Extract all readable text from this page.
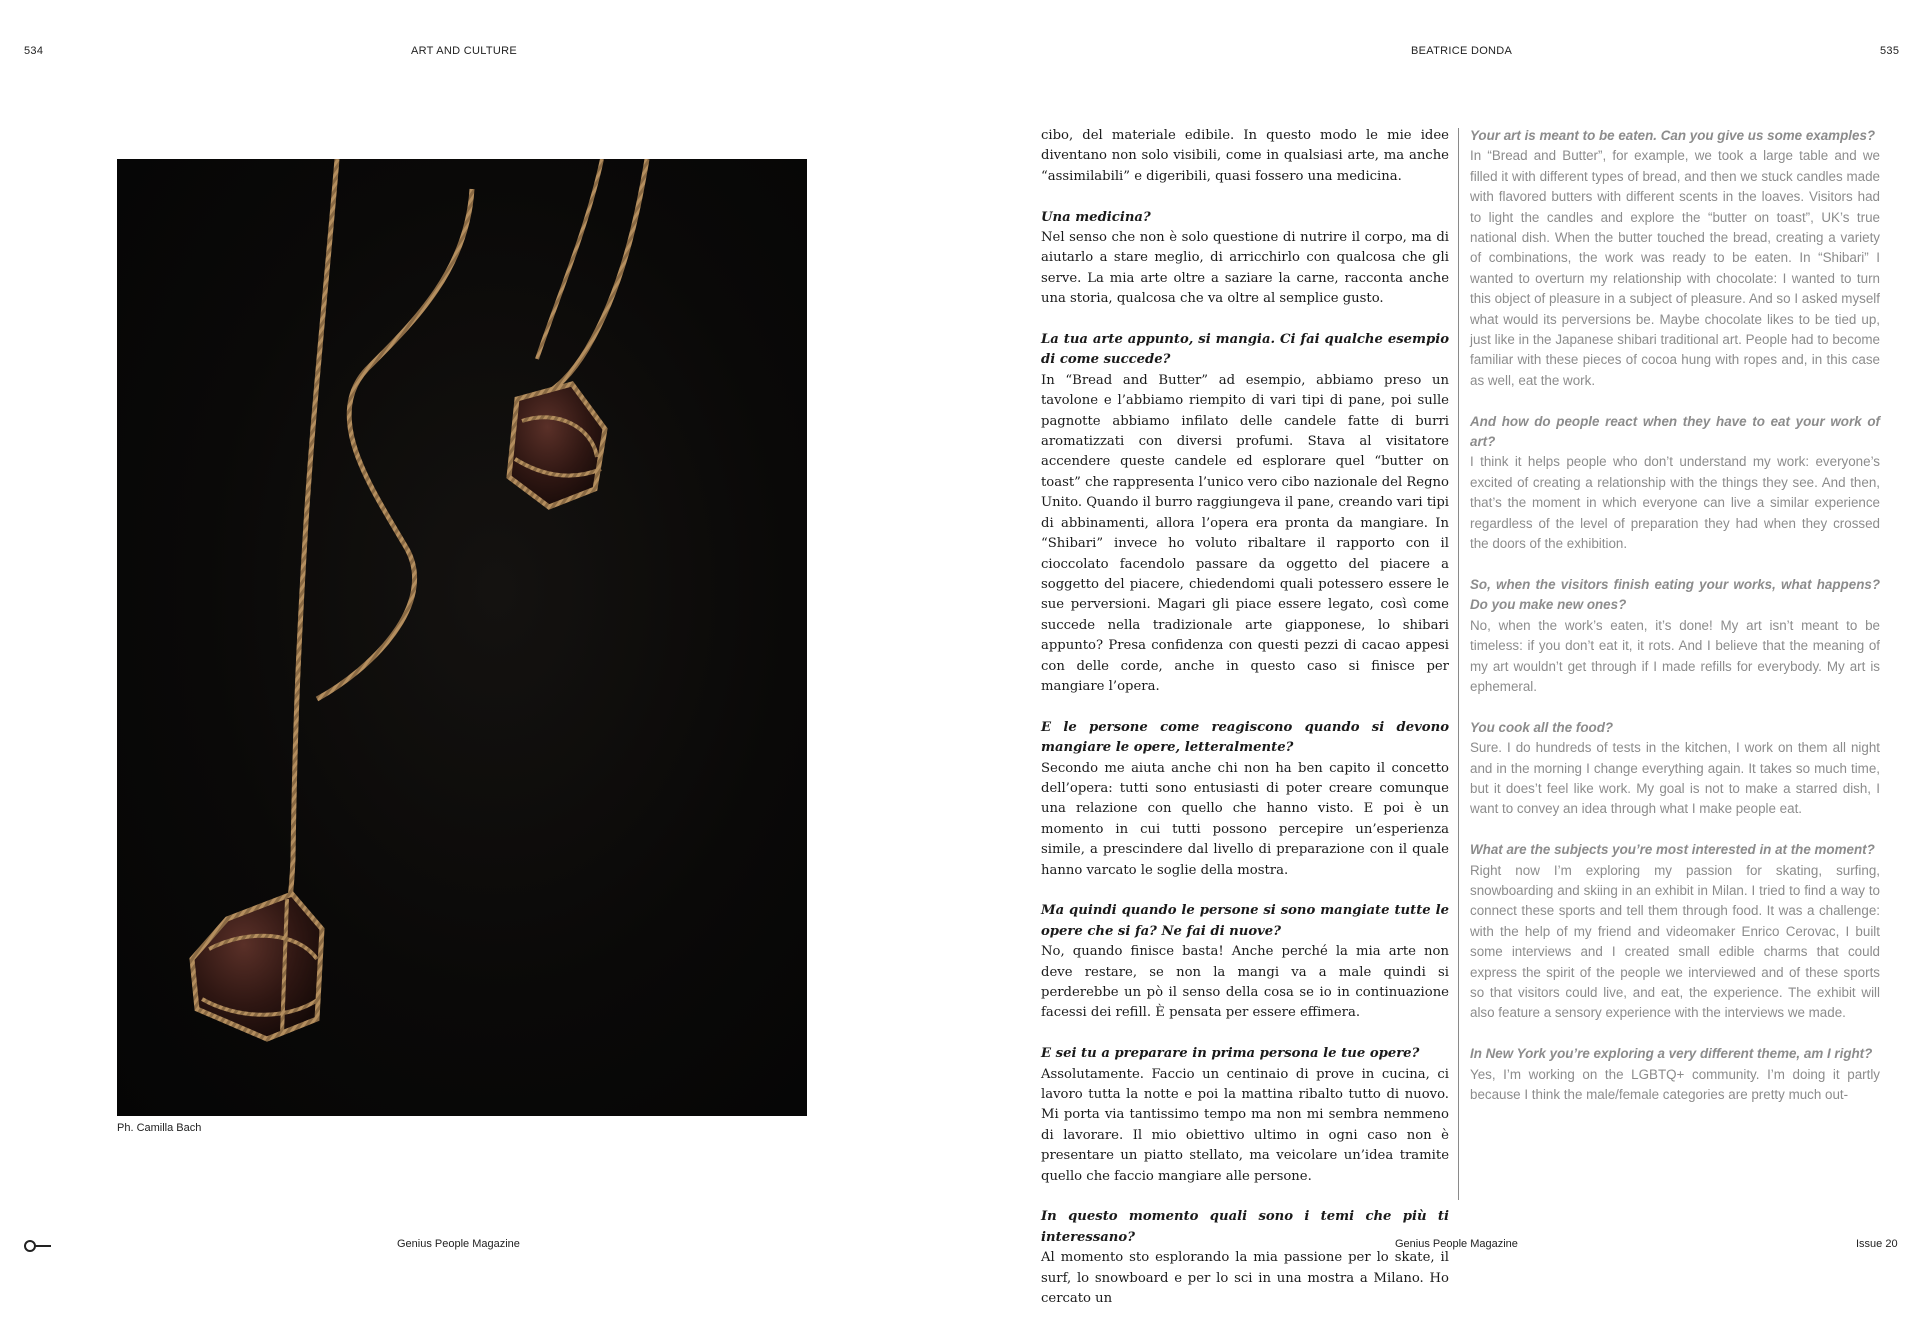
534	ART AND CULTURE	BEATRICE DONDA	535
Ph. Camilla Bach

cibo, del materiale edibile. In questo modo le mie idee diventano non solo visibili, come in qualsiasi arte, ma anche “assimilabili” e digeribili, quasi fossero una medicina.

Una medicina?
Nel senso che non è solo questione di nutrire il corpo, ma di aiutarlo a stare meglio, di arricchirlo con qualcosa che gli serve. La mia arte oltre a saziare la carne, racconta anche una storia, qualcosa che va oltre al semplice gusto.

La tua arte appunto, si mangia. Ci fai qualche esempio di come succede?
In “Bread and Butter” ad esempio, abbiamo preso un tavolone e l’abbiamo riempito di vari tipi di pane, poi sulle pagnotte abbiamo infilato delle candele fatte di burri aromatizzati con diversi profumi. Stava al visitatore accendere queste candele ed esplorare quel “butter on toast” che rappresenta l’unico vero cibo nazionale del Regno Unito. Quando il burro raggiungeva il pane, creando vari tipi di abbinamenti, allora l’opera era pronta da mangiare. In “Shibari” invece ho voluto ribaltare il rapporto con il cioccolato facendolo passare da oggetto del piacere a soggetto del piacere, chiedendomi quali potessero essere le sue perversioni. Magari gli piace essere legato, così come succede nella tradizionale arte giapponese, lo shibari appunto? Presa confidenza con questi pezzi di cacao appesi con delle corde, anche in questo caso si finisce per mangiare l’opera.

E le persone come reagiscono quando si devono mangiare le opere, letteralmente?
Secondo me aiuta anche chi non ha ben capito il concetto dell’opera: tutti sono entusiasti di poter creare comunque una relazione con quello che hanno visto. E poi è un momento in cui tutti possono percepire un’esperienza simile, a prescindere dal livello di preparazione con il quale hanno varcato le soglie della mostra.

Ma quindi quando le persone si sono mangiate tutte le opere che si fa? Ne fai di nuove?
No, quando finisce basta! Anche perché la mia arte non deve restare, se non la mangi va a male quindi si perderebbe un pò il senso della cosa se io in continuazione facessi dei refill. È pensata per essere effimera.

E sei tu a preparare in prima persona le tue opere?
Assolutamente. Faccio un centinaio di prove in cucina, ci lavoro tutta la notte e poi la mattina ribalto tutto di nuovo. Mi porta via tantissimo tempo ma non mi sembra nemmeno di lavorare. Il mio obiettivo ultimo in ogni caso non è presentare un piatto stellato, ma veicolare un’idea tramite quello che faccio mangiare alle persone.

In questo momento quali sono i temi che più ti interessano?
Al momento sto esplorando la mia passione per lo skate, il surf, lo snowboard e per lo sci in una mostra a Milano. Ho cercato un

Your art is meant to be eaten. Can you give us some examples?
In “Bread and Butter”, for example, we took a large table and we filled it with different types of bread, and then we stuck candles made with flavored butters with different scents in the loaves. Visitors had to light the candles and explore the “butter on toast”, UK’s true national dish. When the butter touched the bread, creating a variety of combinations, the work was ready to be eaten. In “Shibari” I wanted to overturn my relationship with chocolate: I wanted to turn this object of pleasure in a subject of pleasure. And so I asked myself what would its perversions be. Maybe chocolate likes to be tied up, just like in the Japanese shibari traditional art. People had to become familiar with these pieces of cocoa hung with ropes and, in this case as well, eat the work.

And how do people react when they have to eat your work of art?
I think it helps people who don’t understand my work: everyone’s excited of creating a relationship with the things they see. And then, that’s the moment in which everyone can live a similar experience regardless of the level of preparation they had when they crossed the doors of the exhibition.

So, when the visitors finish eating your works, what happens? Do you make new ones?
No, when the work’s eaten, it’s done! My art isn’t meant to be timeless: if you don’t eat it, it rots. And I believe that the meaning of my art wouldn’t get through if I made refills for everybody. My art is ephemeral.

You cook all the food?
Sure. I do hundreds of tests in the kitchen, I work on them all night and in the morning I change everything again. It takes so much time, but it does’t feel like work. My goal is not to make a starred dish, I want to convey an idea through what I make people eat.

What are the subjects you’re most interested in at the moment?
Right now I’m exploring my passion for skating, surfing, snowboarding and skiing in an exhibit in Milan. I tried to find a way to connect these sports and tell them through food. It was a challenge: with the help of my friend and videomaker Enrico Cerovac, I built some interviews and I created small edible charms that could express the spirit of the people we interviewed and of these sports so that visitors could live, and eat, the experience. The exhibit will also feature a sensory experience with the interviews we made.

In New York you’re exploring a very different theme, am I right?
Yes, I’m working on the LGBTQ+ community. I’m doing it partly because I think the male/female categories are pretty much out-

Genius People Magazine	Genius People Magazine	Issue 20
